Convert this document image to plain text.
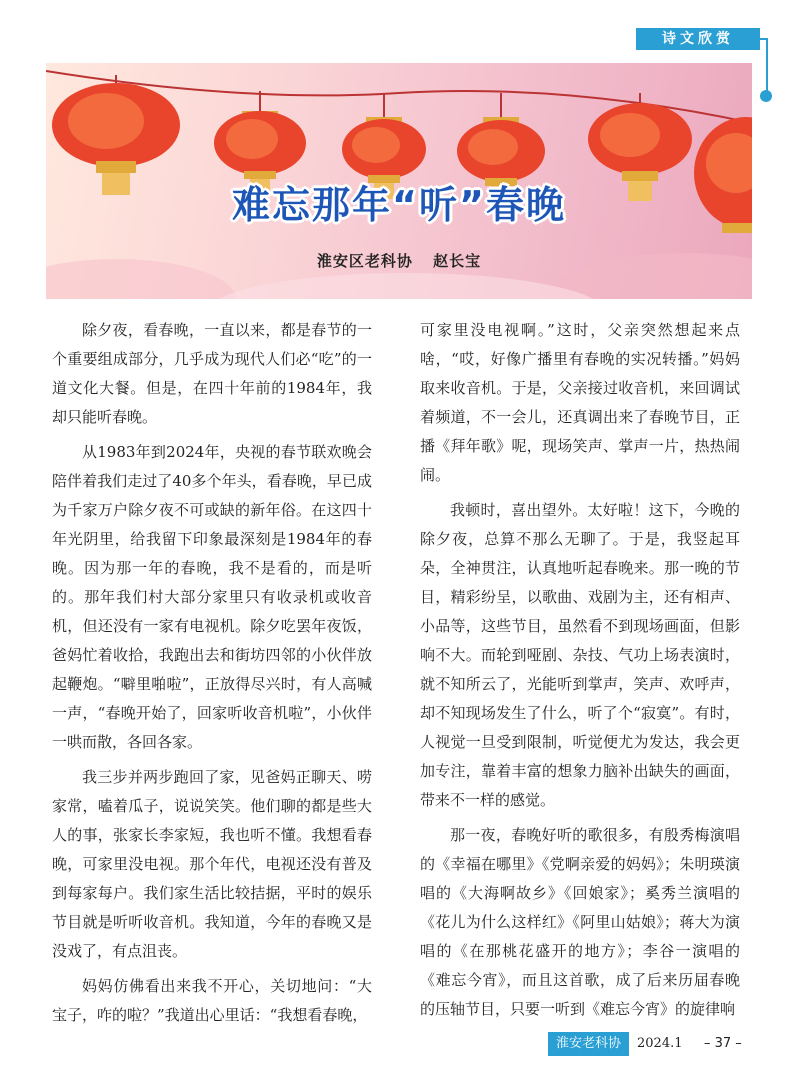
诗文欣赏
难忘那年“听”春晚
淮安区老科协 赵长宝

除夕夜，看春晚，一直以来，都是春节的一个重要组成部分，几乎成为现代人们必“吃”的一道文化大餐。但是，在四十年前的1984年，我却只能听春晚。

从1983年到2024年，央视的春节联欢晚会陪伴着我们走过了40多个年头，看春晚，早已成为千家万户除夕夜不可或缺的新年俗。在这四十年光阴里，给我留下印象最深刻是1984年的春晚。因为那一年的春晚，我不是看的，而是听的。那年我们村大部分家里只有收录机或收音机，但还没有一家有电视机。除夕吃罢年夜饭，爸妈忙着收拾，我跑出去和街坊四邻的小伙伴放起鞭炮。“噼里啪啦”，正放得尽兴时，有人高喊一声，“春晚开始了，回家听收音机啦”，小伙伴一哄而散，各回各家。

我三步并两步跑回了家，见爸妈正聊天、唠家常，嗑着瓜子，说说笑笑。他们聊的都是些大人的事，张家长李家短，我也听不懂。我想看春晚，可家里没电视。那个年代，电视还没有普及到每家每户。我们家生活比较拮据，平时的娱乐节目就是听听收音机。我知道，今年的春晚又是没戏了，有点沮丧。

妈妈仿佛看出来我不开心，关切地问：“大宝子，咋的啦？”我道出心里话：“我想看春晚，

可家里没电视啊。”这时，父亲突然想起来点啥，“哎，好像广播里有春晚的实况转播。”妈妈取来收音机。于是，父亲接过收音机，来回调试着频道，不一会儿，还真调出来了春晚节目，正播《拜年歌》呢，现场笑声、掌声一片，热热闹闹。

我顿时，喜出望外。太好啦！这下，今晚的除夕夜，总算不那么无聊了。于是，我竖起耳朵，全神贯注，认真地听起春晚来。那一晚的节目，精彩纷呈，以歌曲、戏剧为主，还有相声、小品等，这些节目，虽然看不到现场画面，但影响不大。而轮到哑剧、杂技、气功上场表演时，就不知所云了，光能听到掌声，笑声、欢呼声，却不知现场发生了什么，听了个“寂寞”。有时，人视觉一旦受到限制，听觉便尤为发达，我会更加专注，靠着丰富的想象力脑补出缺失的画面，带来不一样的感觉。

那一夜，春晚好听的歌很多，有殷秀梅演唱的《幸福在哪里》《党啊亲爱的妈妈》；朱明瑛演唱的《大海啊故乡》《回娘家》；奚秀兰演唱的《花儿为什么这样红》《阿里山姑娘》；蒋大为演唱的《在那桃花盛开的地方》；李谷一演唱的《难忘今宵》，而且这首歌，成了后来历届春晚的压轴节目，只要一听到《难忘今宵》的旋律响

淮安老科协	2024.1	– 37 –
